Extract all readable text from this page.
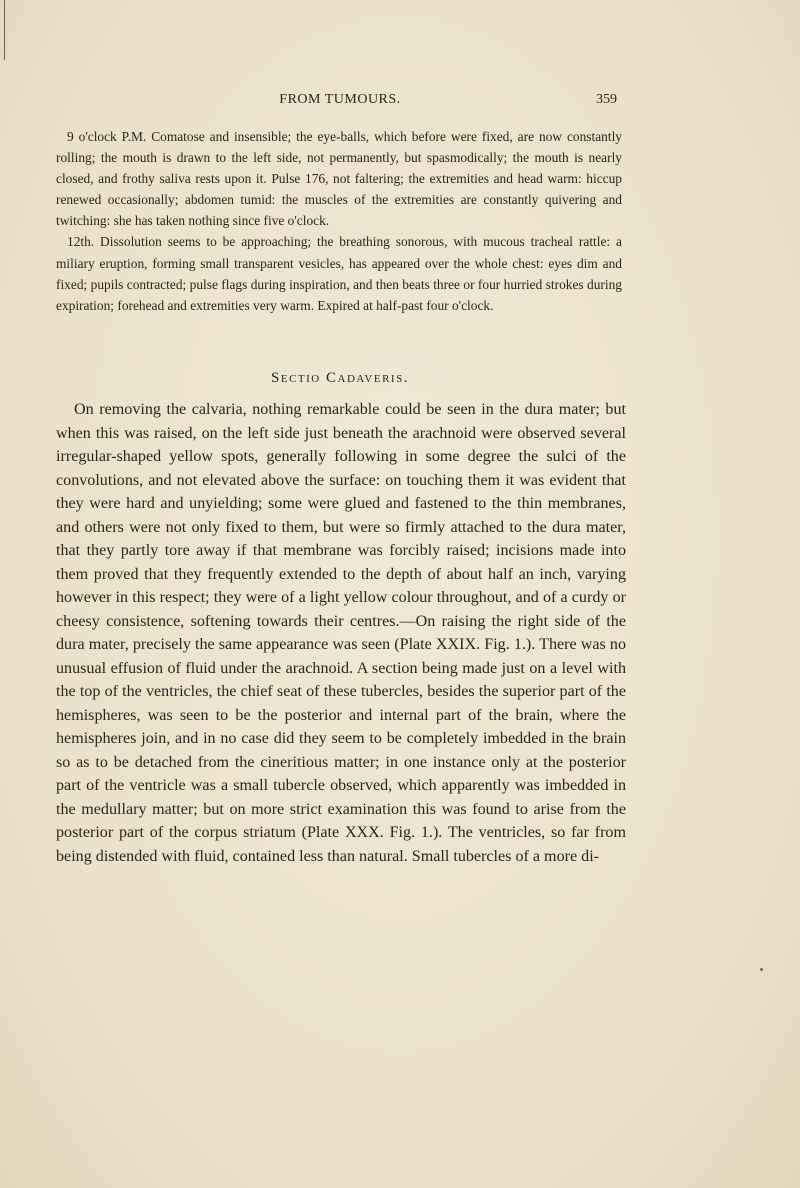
FROM TUMOURS.	359

9 o'clock P.M. Comatose and insensible; the eye-balls, which before were fixed, are now constantly rolling; the mouth is drawn to the left side, not permanently, but spasmodically; the mouth is nearly closed, and frothy saliva rests upon it. Pulse 176, not faltering; the extremities and head warm: hiccup renewed occasionally; abdomen tumid: the muscles of the extremities are constantly quivering and twitching: she has taken nothing since five o'clock.

12th. Dissolution seems to be approaching; the breathing sonorous, with mucous tracheal rattle: a miliary eruption, forming small transparent vesicles, has appeared over the whole chest: eyes dim and fixed; pupils contracted; pulse flags during inspiration, and then beats three or four hurried strokes during expiration; forehead and extremities very warm. Expired at half-past four o'clock.

Sectio Cadaveris.

On removing the calvaria, nothing remarkable could be seen in the dura mater; but when this was raised, on the left side just beneath the arachnoid were observed several irregular-shaped yellow spots, generally following in some degree the sulci of the convolutions, and not elevated above the surface: on touching them it was evident that they were hard and unyielding; some were glued and fastened to the thin membranes, and others were not only fixed to them, but were so firmly attached to the dura mater, that they partly tore away if that membrane was forcibly raised; incisions made into them proved that they frequently extended to the depth of about half an inch, varying however in this respect; they were of a light yellow colour throughout, and of a curdy or cheesy consistence, softening towards their centres.—On raising the right side of the dura mater, precisely the same appearance was seen (Plate XXIX. Fig. 1.). There was no unusual effusion of fluid under the arachnoid. A section being made just on a level with the top of the ventricles, the chief seat of these tubercles, besides the superior part of the hemispheres, was seen to be the posterior and internal part of the brain, where the hemispheres join, and in no case did they seem to be completely imbedded in the brain so as to be detached from the cineritious matter; in one instance only at the posterior part of the ventricle was a small tubercle observed, which apparently was imbedded in the medullary matter; but on more strict examination this was found to arise from the posterior part of the corpus striatum (Plate XXX. Fig. 1.). The ventricles, so far from being distended with fluid, contained less than natural. Small tubercles of a more di-
